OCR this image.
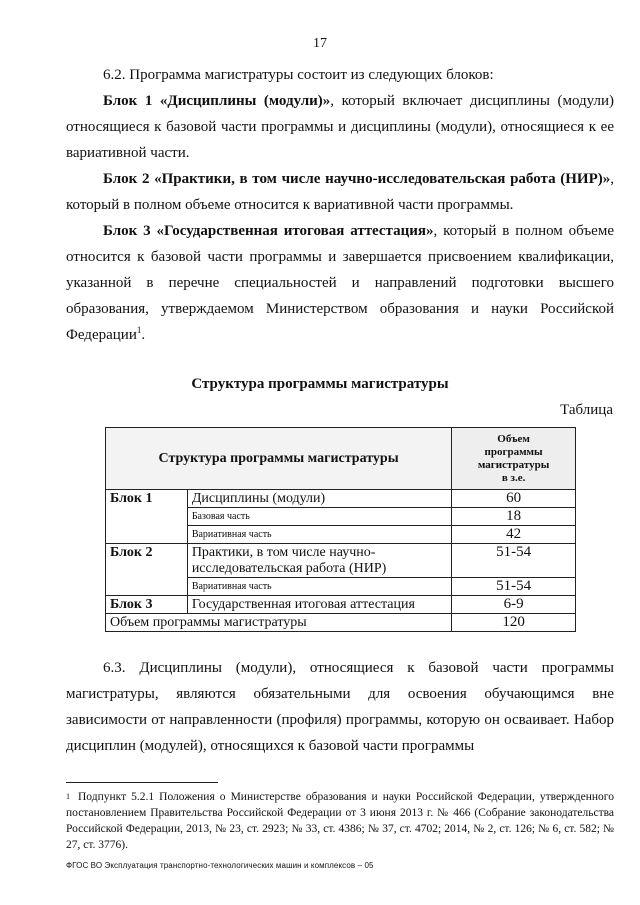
17
6.2. Программа магистратуры состоит из следующих блоков:
Блок 1 «Дисциплины (модули)», который включает дисциплины (модули) относящиеся к базовой части программы и дисциплины (модули), относящиеся к ее вариативной части.
Блок 2 «Практики, в том числе научно-исследовательская работа (НИР)», который в полном объеме относится к вариативной части программы.
Блок 3 «Государственная итоговая аттестация», который в полном объеме относится к базовой части программы и завершается присвоением квалификации, указанной в перечне специальностей и направлений подготовки высшего образования, утверждаемом Министерством образования и науки Российской Федерации$^1$.
Структура программы магистратуры
Таблица
Структура программы магистратуры		Объем
программы
магистратуры
в з.е.

Блок 1	Дисциплины (модули)	60
	Базовая часть	18
	Вариативная часть	42
Блок 2	Практики, в том числе научно-исследовательская работа (НИР)	51-54
	Вариативная часть	51-54
Блок 3	Государственная итоговая аттестация	6-9
Объем программы магистратуры		120
6.3. Дисциплины (модули), относящиеся к базовой части программы магистратуры, являются обязательными для освоения обучающимся вне зависимости от направленности (профиля) программы, которую он осваивает. Набор дисциплин (модулей), относящихся к базовой части программы
$^1$ Подпункт 5.2.1 Положения о Министерстве образования и науки Российской Федерации, утвержденного постановлением Правительства Российской Федерации от 3 июня 2013 г. № 466 (Собрание законодательства Российской Федерации, 2013, № 23, ст. 2923; № 33, ст. 4386; № 37, ст. 4702; 2014, № 2, ст. 126; № 6, ст. 582; № 27, ст. 3776).
ФГОС ВО Эксплуатация транспортно-технологических машин и комплексов – 05
